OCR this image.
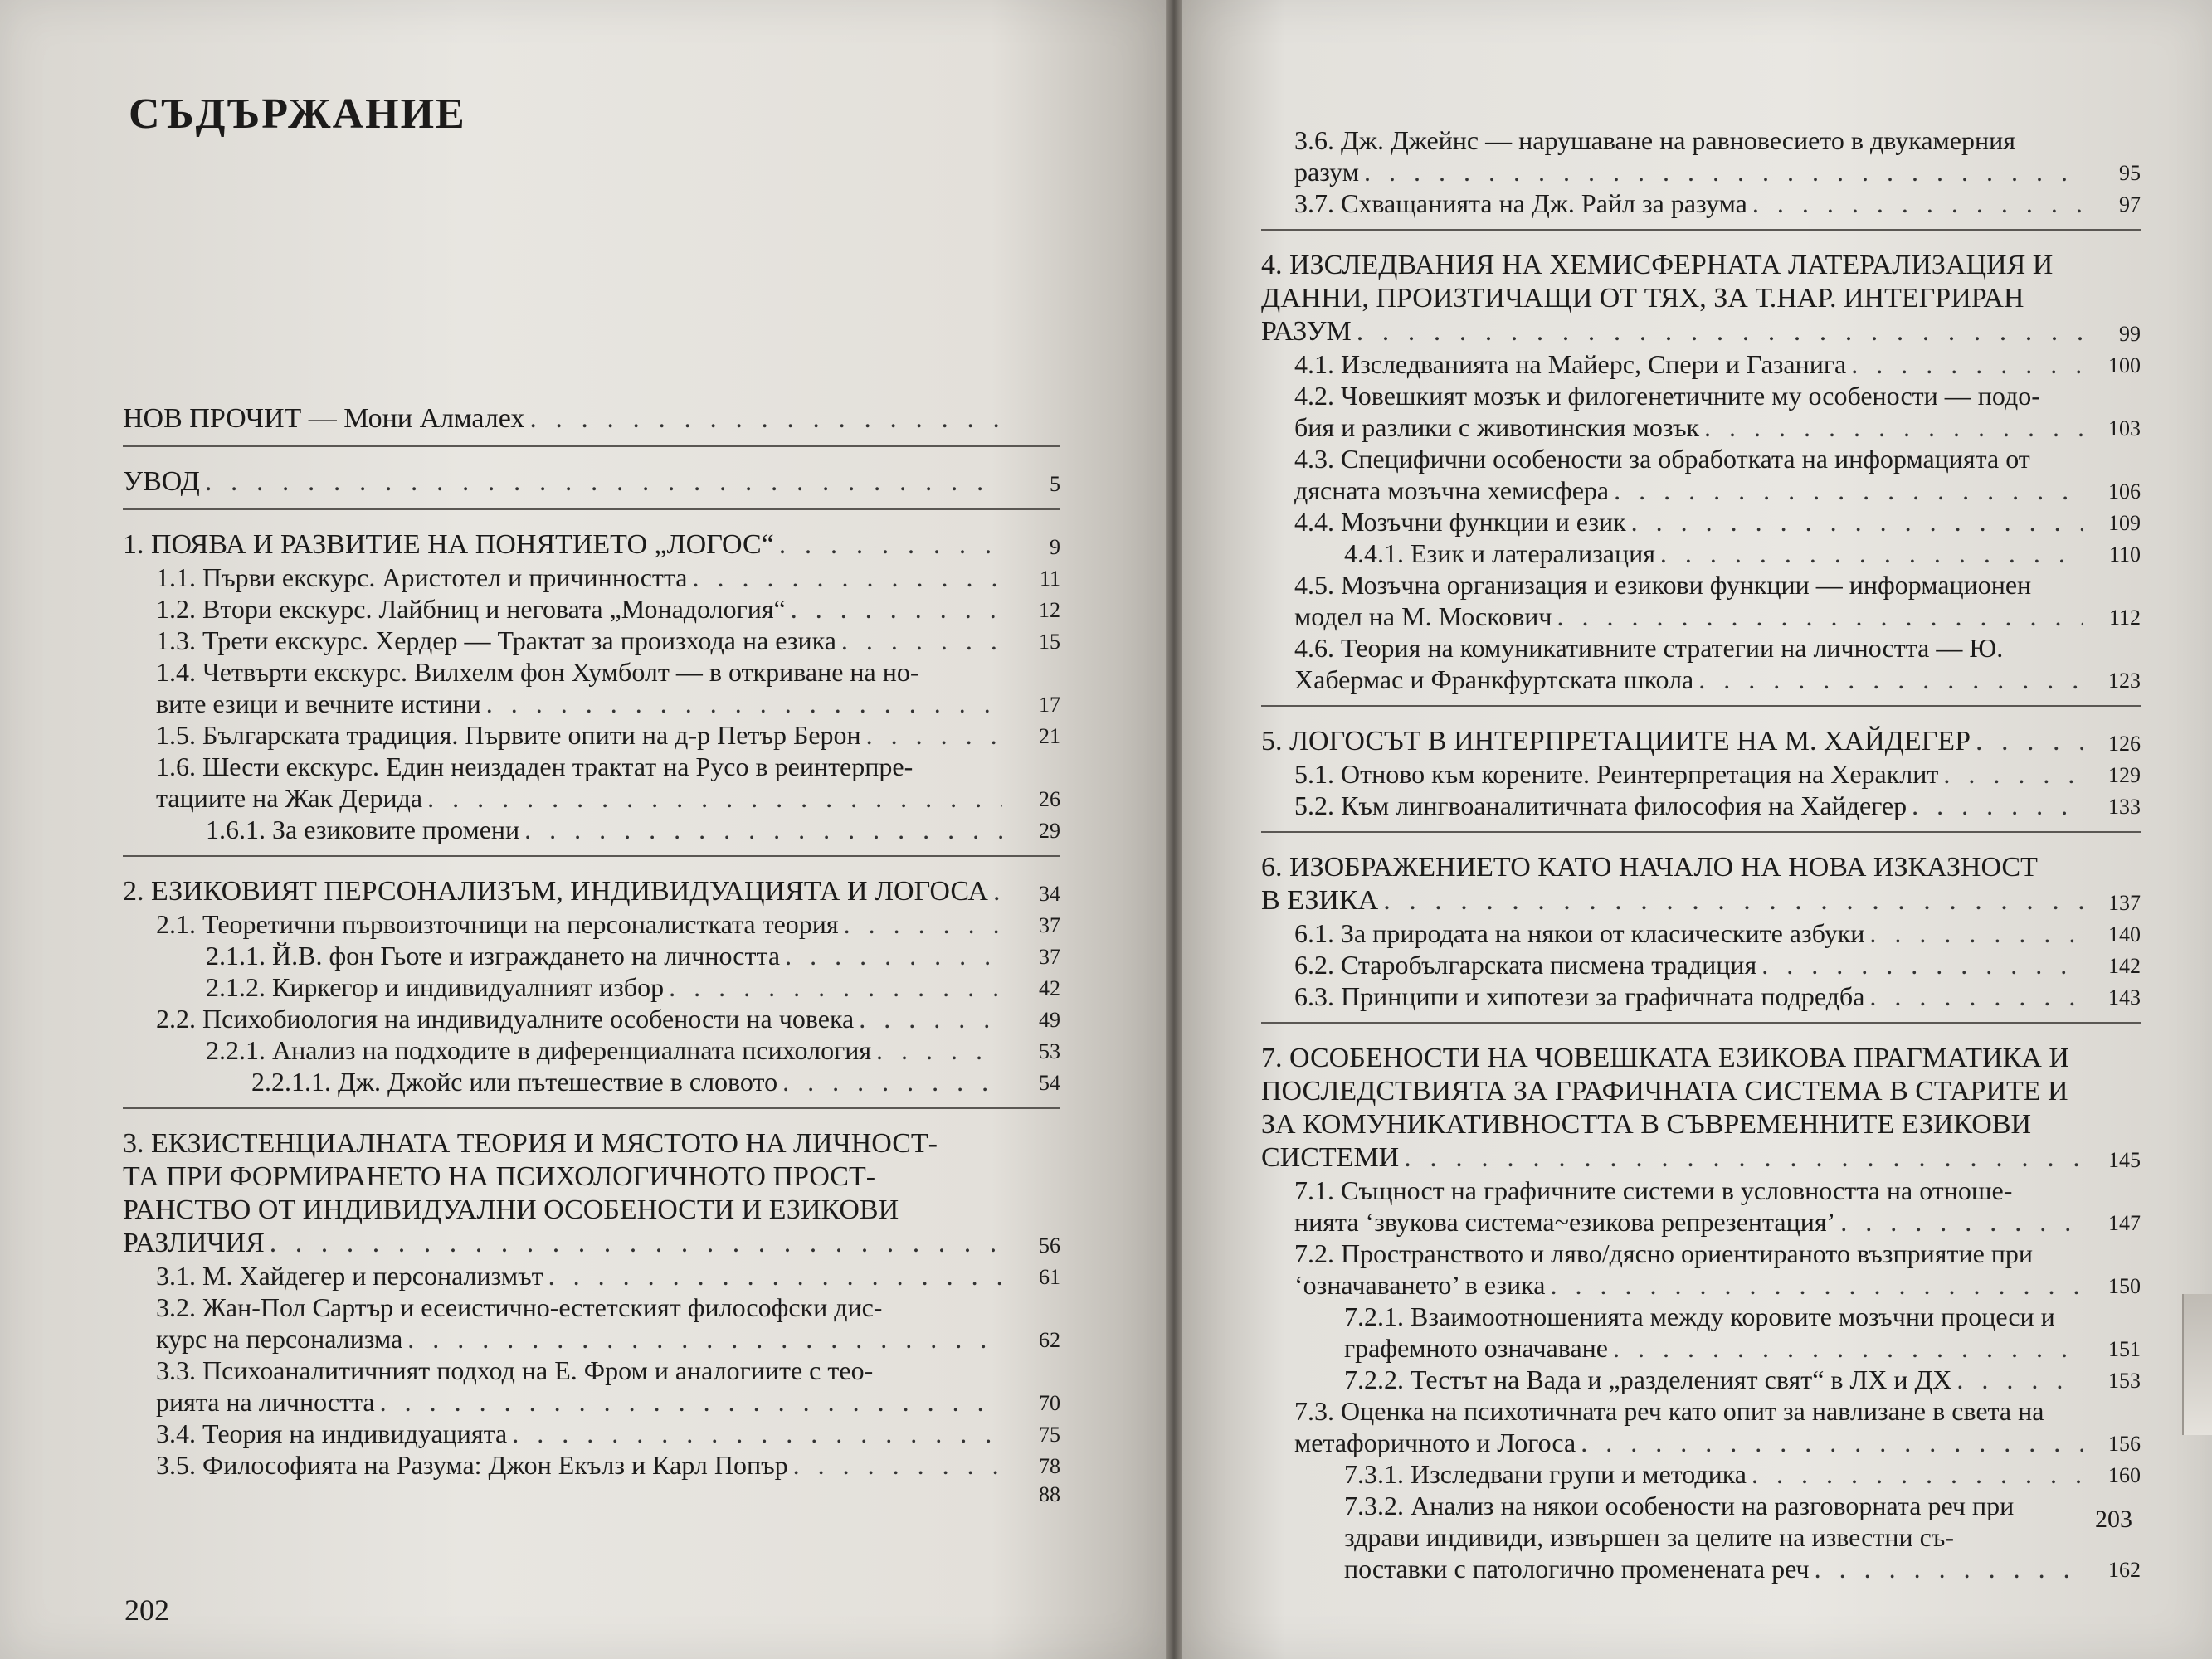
СЪДЪРЖАНИЕ
НОВ ПРОЧИТ — Мони Алмалех
. . .
УВОД . . .	5
1. ПОЯВА И РАЗВИТИЕ НА ПОНЯТИЕТО „ЛОГОС“ . . .	9
1.1. Първи екскурс. Аристотел и причинността . . .	11
1.2. Втори екскурс. Лайбниц и неговата „Монадология“ . . .	12
1.3. Трети екскурс. Хердер — Трактат за произхода на езика . . .	15
1.4. Четвърти екскурс. Вилхелм фон Хумболт — в откриване на но-
вите езици и вечните истини . . .	17
1.5. Българската традиция. Първите опити на д-р Петър Берон . . .	21
1.6. Шести екскурс. Един неиздаден трактат на Русо в реинтерпре-
тациите на Жак Дерида . . .	26
1.6.1. За езиковите промени . . .	29
2. ЕЗИКОВИЯТ ПЕРСОНАЛИЗЪМ, ИНДИВИДУАЦИЯТА И ЛОГОСА . . .	34
2.1. Теоретични първоизточници на персоналистката теория . . .	37
2.1.1. Й.В. фон Гьоте и изграждането на личността . . .	37
2.1.2. Киркегор и индивидуалният избор . . .	42
2.2. Психобиология на индивидуалните особености на човека . . .	49
2.2.1. Анализ на подходите в диференциалната психология . . .	53
2.2.1.1. Дж. Джойс или пътешествие в словото . . .	54
3. ЕКЗИСТЕНЦИАЛНАТА ТЕОРИЯ И МЯСТОТО НА ЛИЧНОСТ-
ТА ПРИ ФОРМИРАНЕТО НА ПСИХОЛОГИЧНОТО ПРОСТ-
РАНСТВО ОТ ИНДИВИДУАЛНИ ОСОБЕНОСТИ И ЕЗИКОВИ
РАЗЛИЧИЯ . . .	56
3.1. М. Хайдегер и персонализмът . . .	61
3.2. Жан-Пол Сартър и есеистично-естетският философски дис-
курс на персонализма . . .	62
3.3. Психоаналитичният подход на Е. Фром и аналогиите с тео-
рията на личността . . .	70
3.4. Теория на индивидуацията . . .	75
3.5. Философията на Разума: Джон Екълз и Карл Попър . . .	78
88
202
3.6. Дж. Джейнс — нарушаване на равновесието в двукамерния
разум . . .	95
3.7. Схващанията на Дж. Райл за разума . . .	97
4. ИЗСЛЕДВАНИЯ НА ХЕМИСФЕРНАТА ЛАТЕРАЛИЗАЦИЯ И
ДАННИ, ПРОИЗТИЧАЩИ ОТ ТЯХ, ЗА Т.НАР. ИНТЕГРИРАН
РАЗУМ . . .	99
4.1. Изследванията на Майерс, Спери и Газанига . . .	100
4.2. Човешкият мозък и филогенетичните му особености — подо-
бия и разлики с животинския мозък . . .	103
4.3. Специфични особености за обработката на информацията от
дясната мозъчна хемисфера . . .	106
4.4. Мозъчни функции и език . . .	109
4.4.1. Език и латерализация . . .	110
4.5. Мозъчна организация и езикови функции — информационен
модел на М. Москович . . .	112
4.6. Теория на комуникативните стратегии на личността — Ю.
Хабермас и Франкфуртската школа . . .	123
5. ЛОГОСЪТ В ИНТЕРПРЕТАЦИИТЕ НА М. ХАЙДЕГЕР . . .	126
5.1. Отново към корените. Реинтерпретация на Хераклит . . .	129
5.2. Към лингвоаналитичната философия на Хайдегер . . .	133
6. ИЗОБРАЖЕНИЕТО КАТО НАЧАЛО НА НОВА ИЗКАЗНОСТ
В ЕЗИКА . . .	137
6.1. За природата на някои от класическите азбуки . . .	140
6.2. Старобългарската писмена традиция . . .	142
6.3. Принципи и хипотези за графичната подредба . . .	143
7. ОСОБЕНОСТИ НА ЧОВЕШКАТА ЕЗИКОВА ПРАГМАТИКА И
ПОСЛЕДСТВИЯТА ЗА ГРАФИЧНАТА СИСТЕМА В СТАРИТЕ И
ЗА КОМУНИКАТИВНОСТТА В СЪВРЕМЕННИТЕ ЕЗИКОВИ
СИСТЕМИ . . .	145
7.1. Същност на графичните системи в условността на отноше-
нията ‘звукова система~езикова репрезентация’ . . .	147
7.2. Пространството и ляво/дясно ориентираното възприятие при
‘означаването’ в езика . . .	150
7.2.1. Взаимоотношенията между коровите мозъчни процеси и
графемното означаване . . .	151
7.2.2. Тестът на Вада и „разделеният свят“ в ЛХ и ДХ . . .	153
7.3. Оценка на психотичната реч като опит за навлизане в света на
метафоричното и Логоса . . .	156
7.3.1. Изследвани групи и методика . . .	160
7.3.2. Анализ на някои особености на разговорната реч при
здрави индивиди, извършен за целите на известни съ-
поставки с патологично променената реч . . .	162
203
